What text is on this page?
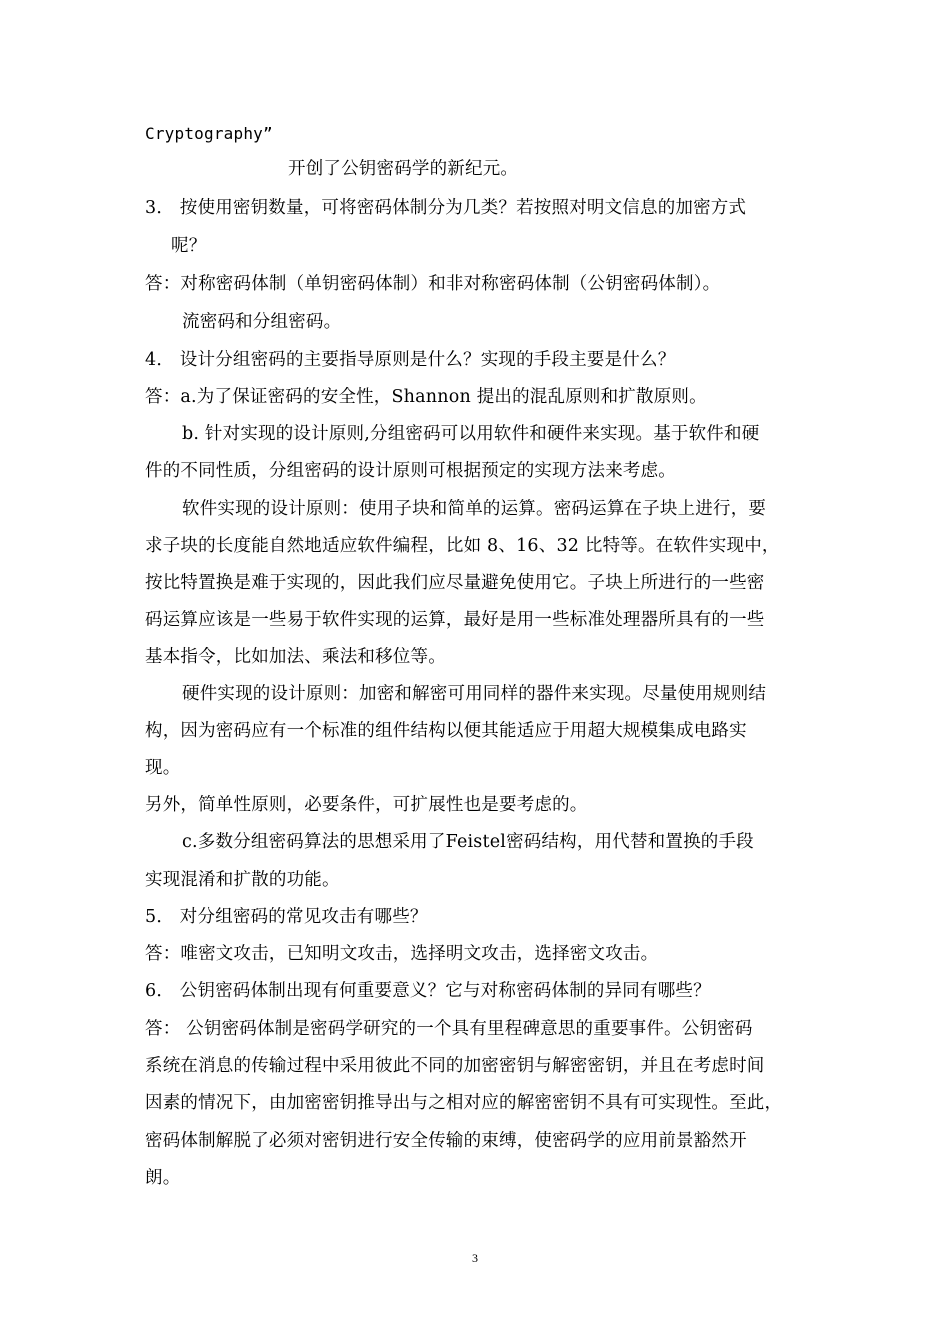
Cryptography”
开创了公钥密码学的新纪元。
3． 按使用密钥数量，可将密码体制分为几类？若按照对明文信息的加密方式
呢？
答：对称密码体制（单钥密码体制）和非对称密码体制（公钥密码体制）。
流密码和分组密码。
4． 设计分组密码的主要指导原则是什么？实现的手段主要是什么？
答：a.为了保证密码的安全性，Shannon 提出的混乱原则和扩散原则。
b. 针对实现的设计原则,分组密码可以用软件和硬件来实现。基于软件和硬
件的不同性质，分组密码的设计原则可根据预定的实现方法来考虑。
软件实现的设计原则：使用子块和简单的运算。密码运算在子块上进行，要
求子块的长度能自然地适应软件编程，比如 8、16、32 比特等。在软件实现中，
按比特置换是难于实现的，因此我们应尽量避免使用它。子块上所进行的一些密
码运算应该是一些易于软件实现的运算，最好是用一些标准处理器所具有的一些
基本指令，比如加法、乘法和移位等。
硬件实现的设计原则：加密和解密可用同样的器件来实现。尽量使用规则结
构，因为密码应有一个标准的组件结构以便其能适应于用超大规模集成电路实
现。
另外，简单性原则，必要条件，可扩展性也是要考虑的。
c.多数分组密码算法的思想采用了Feistel密码结构，用代替和置换的手段
实现混淆和扩散的功能。
5． 对分组密码的常见攻击有哪些？
答：唯密文攻击，已知明文攻击，选择明文攻击，选择密文攻击。
6． 公钥密码体制出现有何重要意义？它与对称密码体制的异同有哪些？
答： 公钥密码体制是密码学研究的一个具有里程碑意思的重要事件。公钥密码
系统在消息的传输过程中采用彼此不同的加密密钥与解密密钥，并且在考虑时间
因素的情况下，由加密密钥推导出与之相对应的解密密钥不具有可实现性。至此，
密码体制解脱了必须对密钥进行安全传输的束缚，使密码学的应用前景豁然开
朗。
3
